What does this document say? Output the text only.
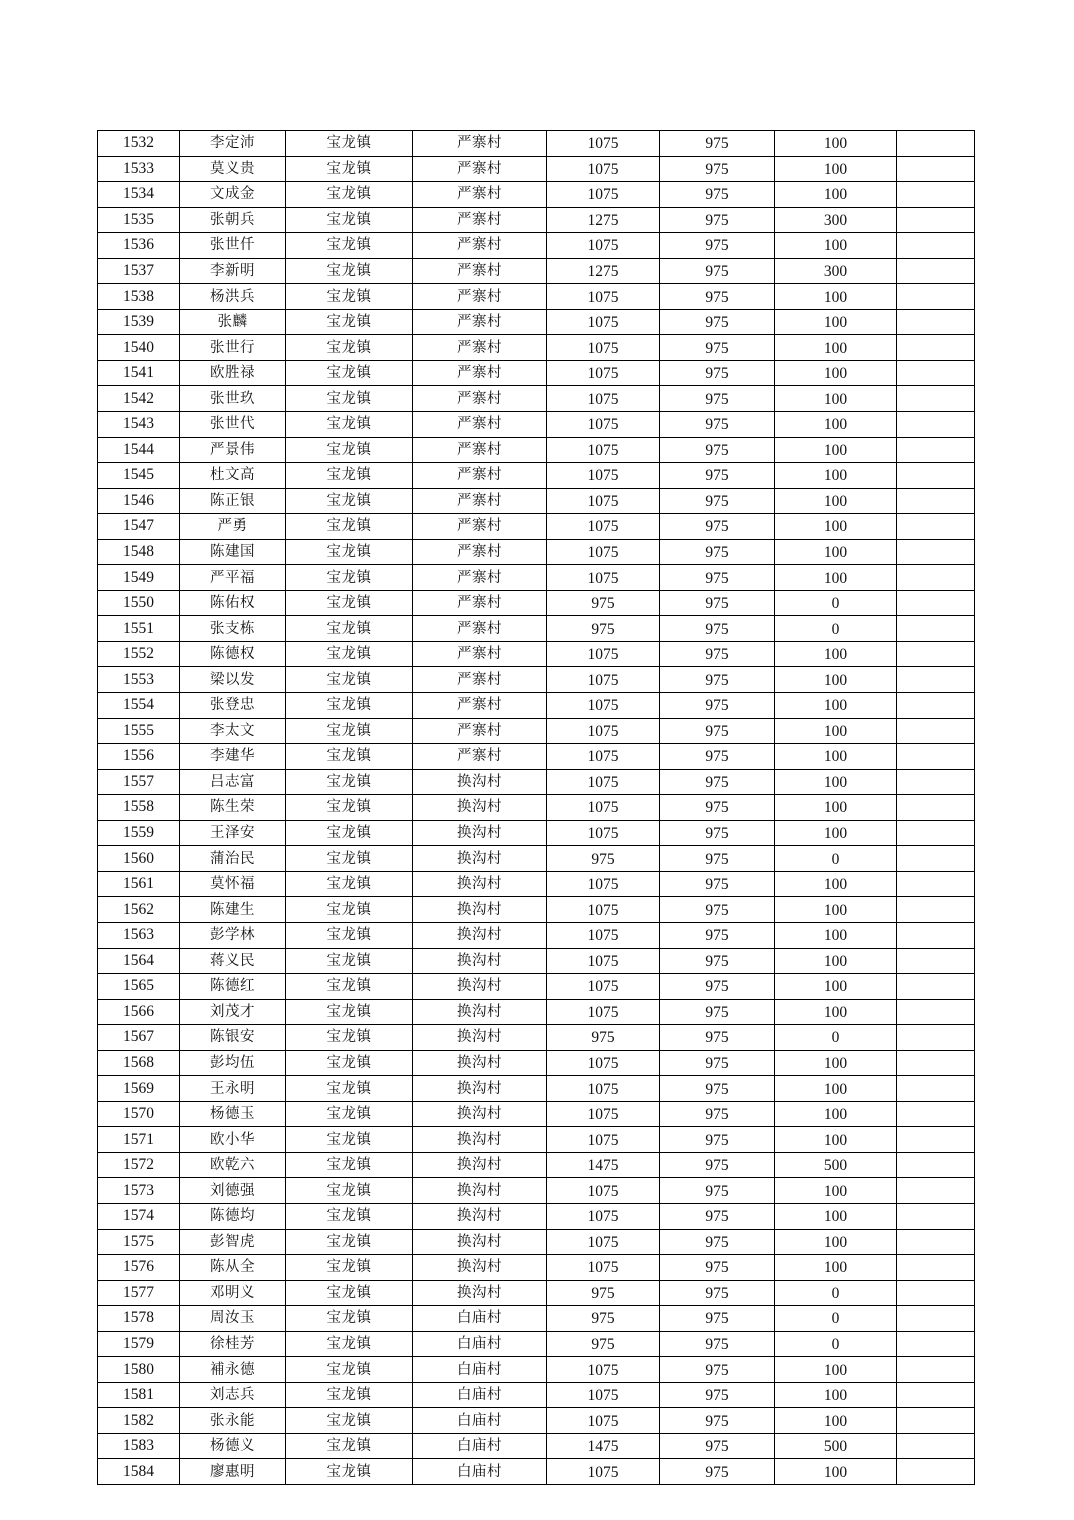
1532	李定沛	宝龙镇	严寨村	1075	975	100	
1533	莫义贵	宝龙镇	严寨村	1075	975	100	
1534	文成金	宝龙镇	严寨村	1075	975	100	
1535	张朝兵	宝龙镇	严寨村	1275	975	300	
1536	张世仟	宝龙镇	严寨村	1075	975	100	
1537	李新明	宝龙镇	严寨村	1275	975	300	
1538	杨洪兵	宝龙镇	严寨村	1075	975	100	
1539	张麟	宝龙镇	严寨村	1075	975	100	
1540	张世行	宝龙镇	严寨村	1075	975	100	
1541	欧胜禄	宝龙镇	严寨村	1075	975	100	
1542	张世玖	宝龙镇	严寨村	1075	975	100	
1543	张世代	宝龙镇	严寨村	1075	975	100	
1544	严景伟	宝龙镇	严寨村	1075	975	100	
1545	杜文高	宝龙镇	严寨村	1075	975	100	
1546	陈正银	宝龙镇	严寨村	1075	975	100	
1547	严勇	宝龙镇	严寨村	1075	975	100	
1548	陈建国	宝龙镇	严寨村	1075	975	100	
1549	严平福	宝龙镇	严寨村	1075	975	100	
1550	陈佑权	宝龙镇	严寨村	975	975	0	
1551	张支栋	宝龙镇	严寨村	975	975	0	
1552	陈德权	宝龙镇	严寨村	1075	975	100	
1553	梁以发	宝龙镇	严寨村	1075	975	100	
1554	张登忠	宝龙镇	严寨村	1075	975	100	
1555	李太文	宝龙镇	严寨村	1075	975	100	
1556	李建华	宝龙镇	严寨村	1075	975	100	
1557	吕志富	宝龙镇	换沟村	1075	975	100	
1558	陈生荣	宝龙镇	换沟村	1075	975	100	
1559	王泽安	宝龙镇	换沟村	1075	975	100	
1560	蒲治民	宝龙镇	换沟村	975	975	0	
1561	莫怀福	宝龙镇	换沟村	1075	975	100	
1562	陈建生	宝龙镇	换沟村	1075	975	100	
1563	彭学林	宝龙镇	换沟村	1075	975	100	
1564	蒋义民	宝龙镇	换沟村	1075	975	100	
1565	陈德红	宝龙镇	换沟村	1075	975	100	
1566	刘茂才	宝龙镇	换沟村	1075	975	100	
1567	陈银安	宝龙镇	换沟村	975	975	0	
1568	彭均伍	宝龙镇	换沟村	1075	975	100	
1569	王永明	宝龙镇	换沟村	1075	975	100	
1570	杨德玉	宝龙镇	换沟村	1075	975	100	
1571	欧小华	宝龙镇	换沟村	1075	975	100	
1572	欧乾六	宝龙镇	换沟村	1475	975	500	
1573	刘德强	宝龙镇	换沟村	1075	975	100	
1574	陈德均	宝龙镇	换沟村	1075	975	100	
1575	彭智虎	宝龙镇	换沟村	1075	975	100	
1576	陈从全	宝龙镇	换沟村	1075	975	100	
1577	邓明义	宝龙镇	换沟村	975	975	0	
1578	周汝玉	宝龙镇	白庙村	975	975	0	
1579	徐桂芳	宝龙镇	白庙村	975	975	0	
1580	補永德	宝龙镇	白庙村	1075	975	100	
1581	刘志兵	宝龙镇	白庙村	1075	975	100	
1582	张永能	宝龙镇	白庙村	1075	975	100	
1583	杨德义	宝龙镇	白庙村	1475	975	500	
1584	廖惠明	宝龙镇	白庙村	1075	975	100	
